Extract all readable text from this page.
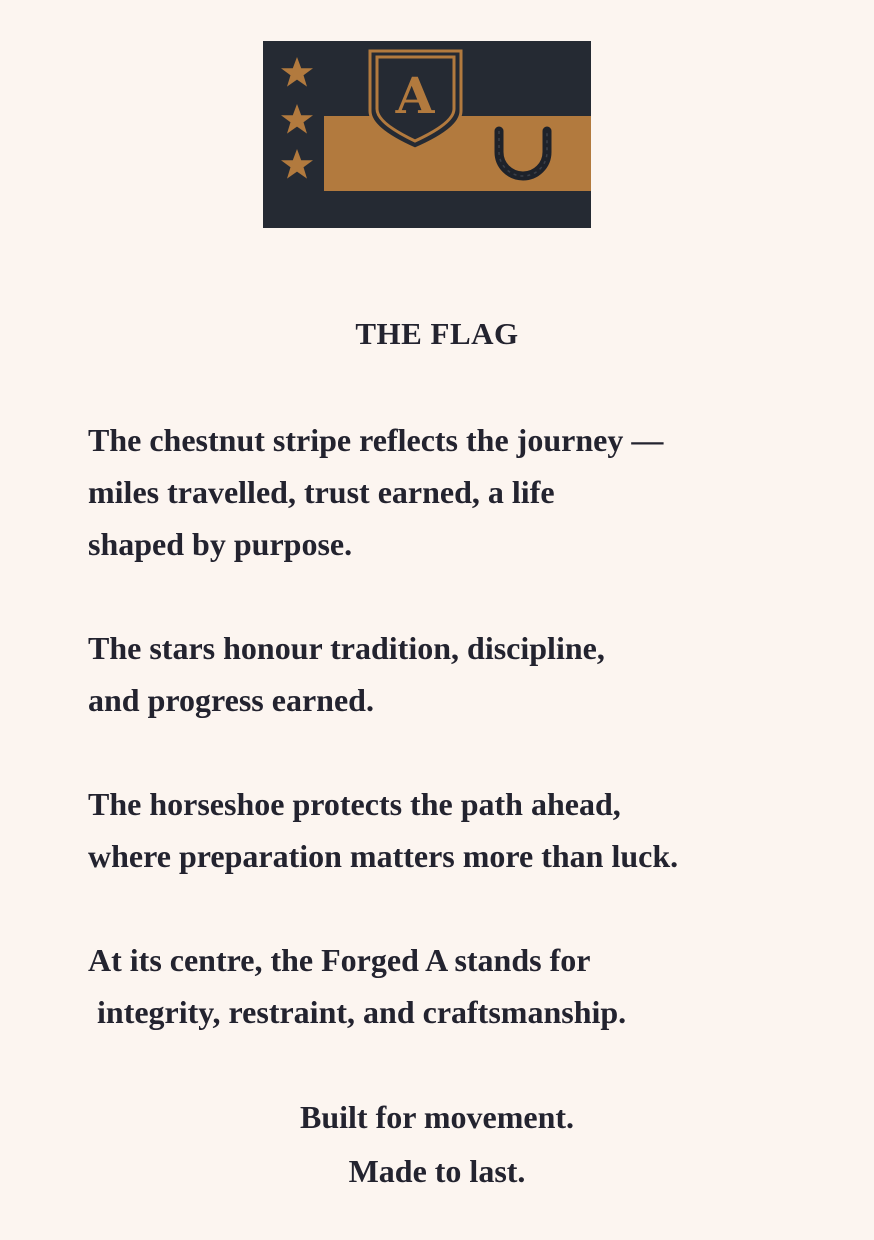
A
THE FLAG

The chestnut stripe reflects the journey —
miles travelled, trust earned, a life
shaped by purpose.

The stars honour tradition, discipline,
and progress earned.

The horseshoe protects the path ahead,
where preparation matters more than luck.

At its centre, the Forged A stands for
integrity, restraint, and craftsmanship.

Built for movement.
Made to last.
